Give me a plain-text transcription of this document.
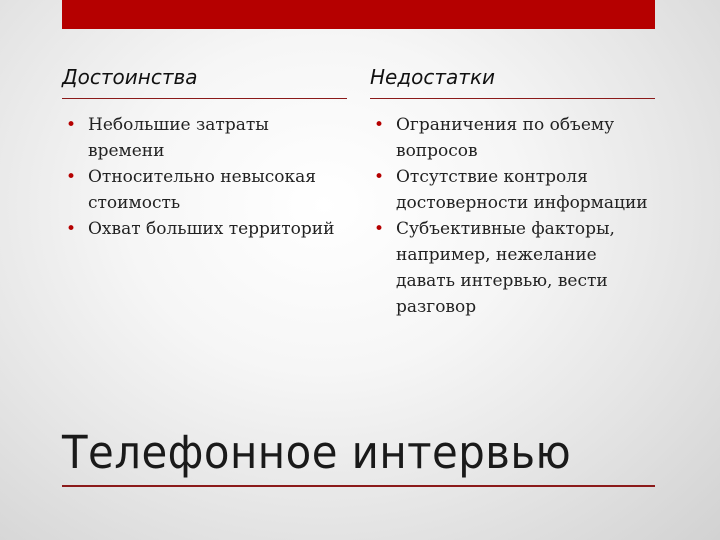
Достоинства
• Небольшие затраты времени
• Относительно невысокая стоимость
• Охват больших территорий
Недостатки
• Ограничения по объему вопросов
• Отсутствие контроля достоверности информации
• Субъективные факторы, например, нежелание давать интервью, вести разговор
Телефонное интервью
